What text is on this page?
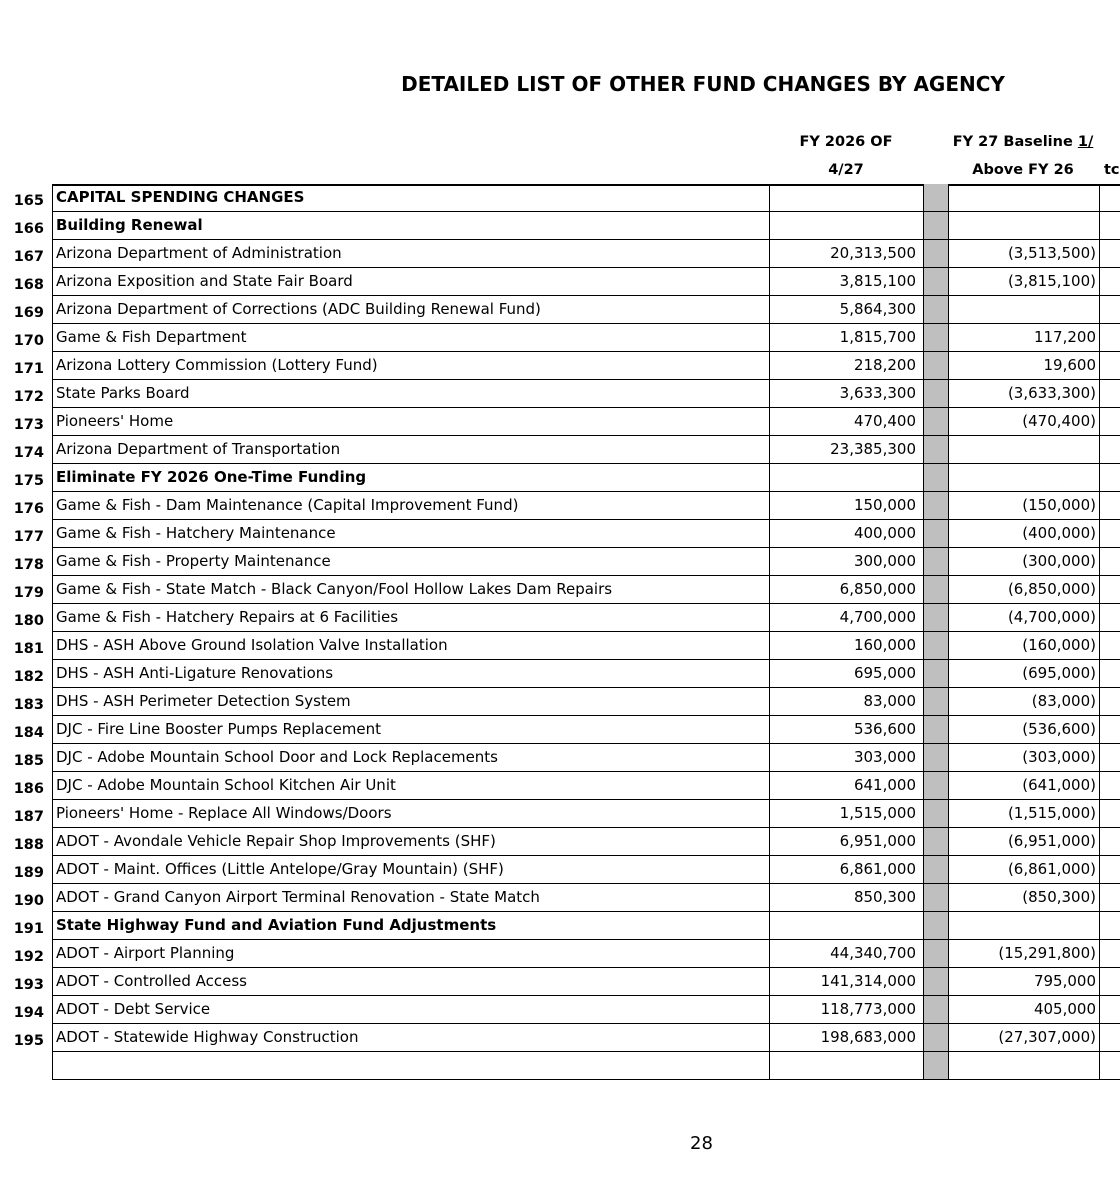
DETAILED LIST OF OTHER FUND CHANGES BY AGENCY
FY 2026 OF
4/27
FY 27 Baseline 1/
Above FY 26	tc
165 CAPITAL SPENDING CHANGES
166 Building Renewal
167 Arizona Department of Administration	20,313,500	(3,513,500)
168 Arizona Exposition and State Fair Board	3,815,100	(3,815,100)
169 Arizona Department of Corrections (ADC Building Renewal Fund)	5,864,300
170 Game & Fish Department	1,815,700	117,200
171 Arizona Lottery Commission (Lottery Fund)	218,200	19,600
172 State Parks Board	3,633,300	(3,633,300)
173 Pioneers' Home	470,400	(470,400)
174 Arizona Department of Transportation	23,385,300
175 Eliminate FY 2026 One-Time Funding
176 Game & Fish - Dam Maintenance (Capital Improvement Fund)	150,000	(150,000)
177 Game & Fish - Hatchery Maintenance	400,000	(400,000)
178 Game & Fish - Property Maintenance	300,000	(300,000)
179 Game & Fish - State Match - Black Canyon/Fool Hollow Lakes Dam Repairs	6,850,000	(6,850,000)
180 Game & Fish - Hatchery Repairs at 6 Facilities	4,700,000	(4,700,000)
181 DHS - ASH Above Ground Isolation Valve Installation	160,000	(160,000)
182 DHS - ASH Anti-Ligature Renovations	695,000	(695,000)
183 DHS - ASH Perimeter Detection System	83,000	(83,000)
184 DJC - Fire Line Booster Pumps Replacement	536,600	(536,600)
185 DJC - Adobe Mountain School Door and Lock Replacements	303,000	(303,000)
186 DJC - Adobe Mountain School Kitchen Air Unit	641,000	(641,000)
187 Pioneers' Home - Replace All Windows/Doors	1,515,000	(1,515,000)
188 ADOT - Avondale Vehicle Repair Shop Improvements (SHF)	6,951,000	(6,951,000)
189 ADOT - Maint. Offices (Little Antelope/Gray Mountain) (SHF)	6,861,000	(6,861,000)
190 ADOT - Grand Canyon Airport Terminal Renovation - State Match	850,300	(850,300)
191 State Highway Fund and Aviation Fund Adjustments
192 ADOT - Airport Planning	44,340,700	(15,291,800)
193 ADOT - Controlled Access	141,314,000	795,000
194 ADOT - Debt Service	118,773,000	405,000
195 ADOT - Statewide Highway Construction	198,683,000	(27,307,000)
28
